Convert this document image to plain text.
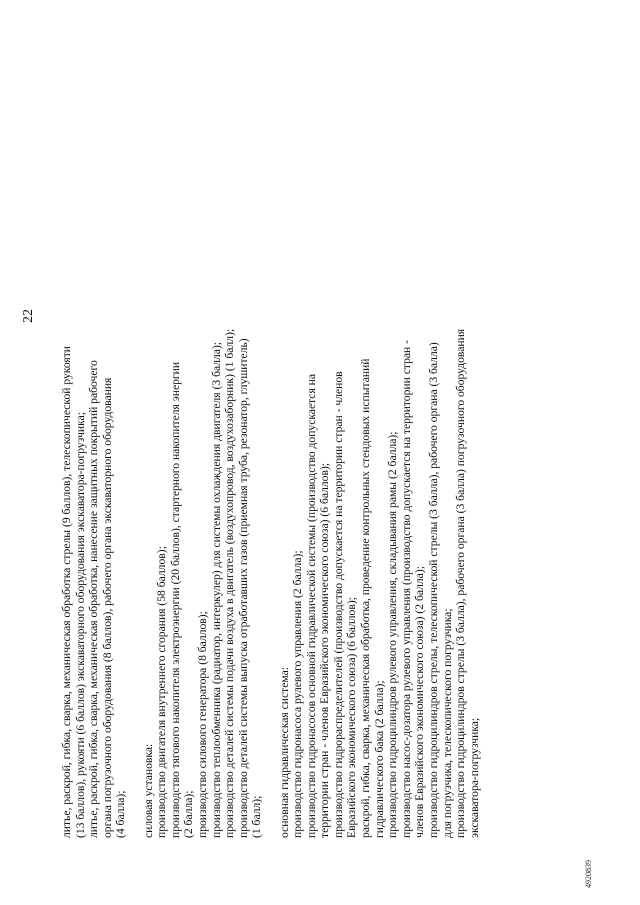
22
литье, раскрой, гибка, сварка, механическая обработка стрелы (9 баллов), телескопической рукояти (13 баллов), рукояти (6 баллов) экскаваторного оборудования экскаватора-погрузчика; литье, раскрой, гибка, сварка, механическая обработка, нанесение защитных покрытий рабочего органа погрузочного оборудования (8 баллов), рабочего органа экскаваторного оборудования (4 балла); силовая установка: производство двигателя внутреннего сгорания (58 баллов); производство тягового накопителя электроэнергии (20 баллов), стартерного накопителя энергии (2 балла); производство силового генератора (8 баллов); производство теплообменника (радиатор, интеркулер) для системы охлаждения двигателя (3 балла); производство деталей системы подачи воздуха в двигатель (воздухопровод, воздухозаборник) (1 балл); производство деталей системы выпуска отработавших газов (приемная труба, резонатор, глушитель) (1 балл); основная гидравлическая система: производство гидронасоса рулевого управления (2 балла); производство гидронасосов основной гидравлической системы (производство допускается на территории стран - членов Евразийского экономического союза) (6 баллов); производство гидрораспределителей (производство допускается на территории стран - членов Евразийского экономического союза) (6 баллов); раскрой, гибка, сварка, механическая обработка, проведение контрольных стендовых испытаний гидравлического бака (2 балла); производство гидроцилиндров рулевого управления, складывания рамы (2 балла); производство насос-дозатора рулевого управления (производство допускается на территории стран - членов Евразийского экономического союза) (2 балла); производство гидроцилиндров стрелы, телескопической стрелы (3 балла), рабочего органа (3 балла) для погрузчика, телескопического погрузчика; производство гидроцилиндров стрелы (3 балла), рабочего органа (3 балла) погрузочного оборудования экскаватора-погрузчика;
4920839
